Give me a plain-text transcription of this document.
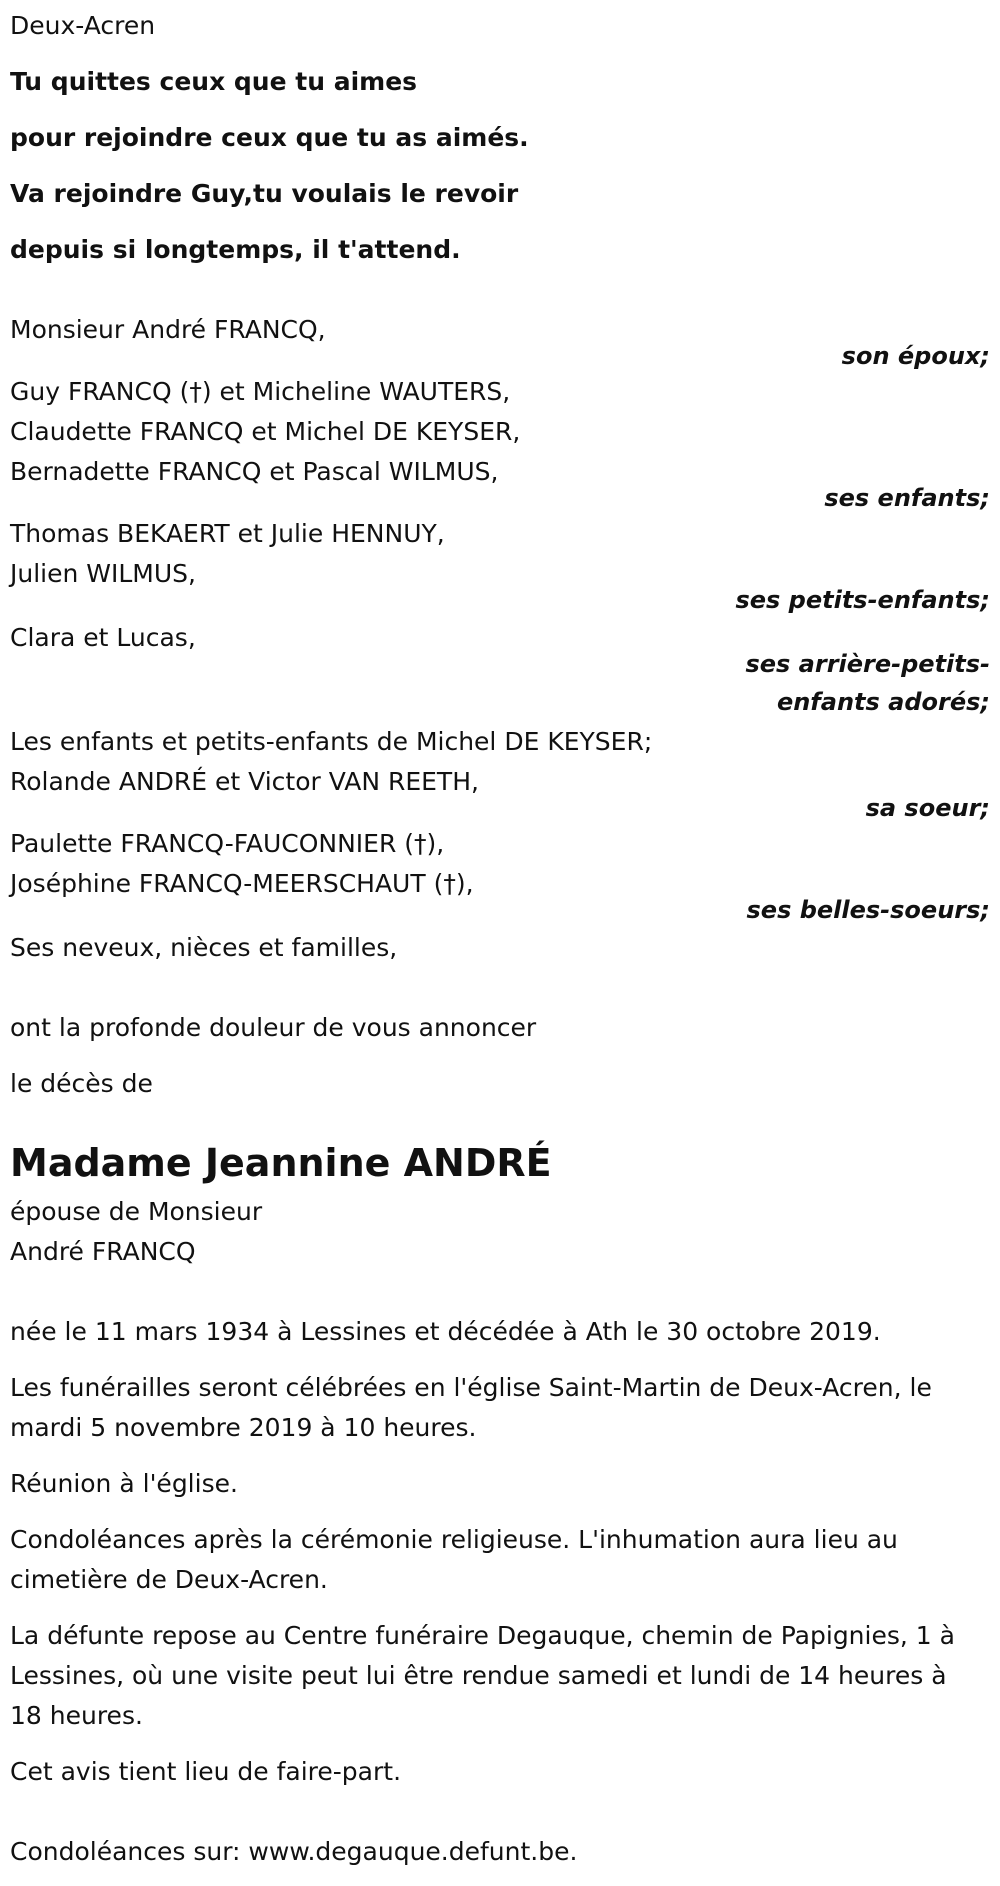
Deux-Acren
Tu quittes ceux que tu aimes
pour rejoindre ceux que tu as aimés.
Va rejoindre Guy,tu voulais le revoir
depuis si longtemps, il t'attend.
Monsieur André FRANCQ,
son époux;
Guy FRANCQ (†) et Micheline WAUTERS,
Claudette FRANCQ et Michel DE KEYSER,
Bernadette FRANCQ et Pascal WILMUS,
ses enfants;
Thomas BEKAERT et Julie HENNUY,
Julien WILMUS,
ses petits-enfants;
Clara et Lucas,
ses arrière-petits-
enfants adorés;
Les enfants et petits-enfants de Michel DE KEYSER;
Rolande ANDRÉ et Victor VAN REETH,
sa soeur;
Paulette FRANCQ-FAUCONNIER (†),
Joséphine FRANCQ-MEERSCHAUT (†),
ses belles-soeurs;
Ses neveux, nièces et familles,
ont la profonde douleur de vous annoncer
le décès de
Madame Jeannine ANDRÉ
épouse de Monsieur
André FRANCQ
née le 11 mars 1934 à Lessines et décédée à Ath le 30 octobre 2019.
Les funérailles seront célébrées en l'église Saint-Martin de Deux-Acren, le mardi 5 novembre 2019 à 10 heures.
Réunion à l'église.
Condoléances après la cérémonie religieuse. L'inhumation aura lieu au cimetière de Deux-Acren.
La défunte repose au Centre funéraire Degauque, chemin de Papignies, 1 à Lessines, où une visite peut lui être rendue samedi et lundi de 14 heures à 18 heures.
Cet avis tient lieu de faire-part.
Condoléances sur: www.degauque.defunt.be.
